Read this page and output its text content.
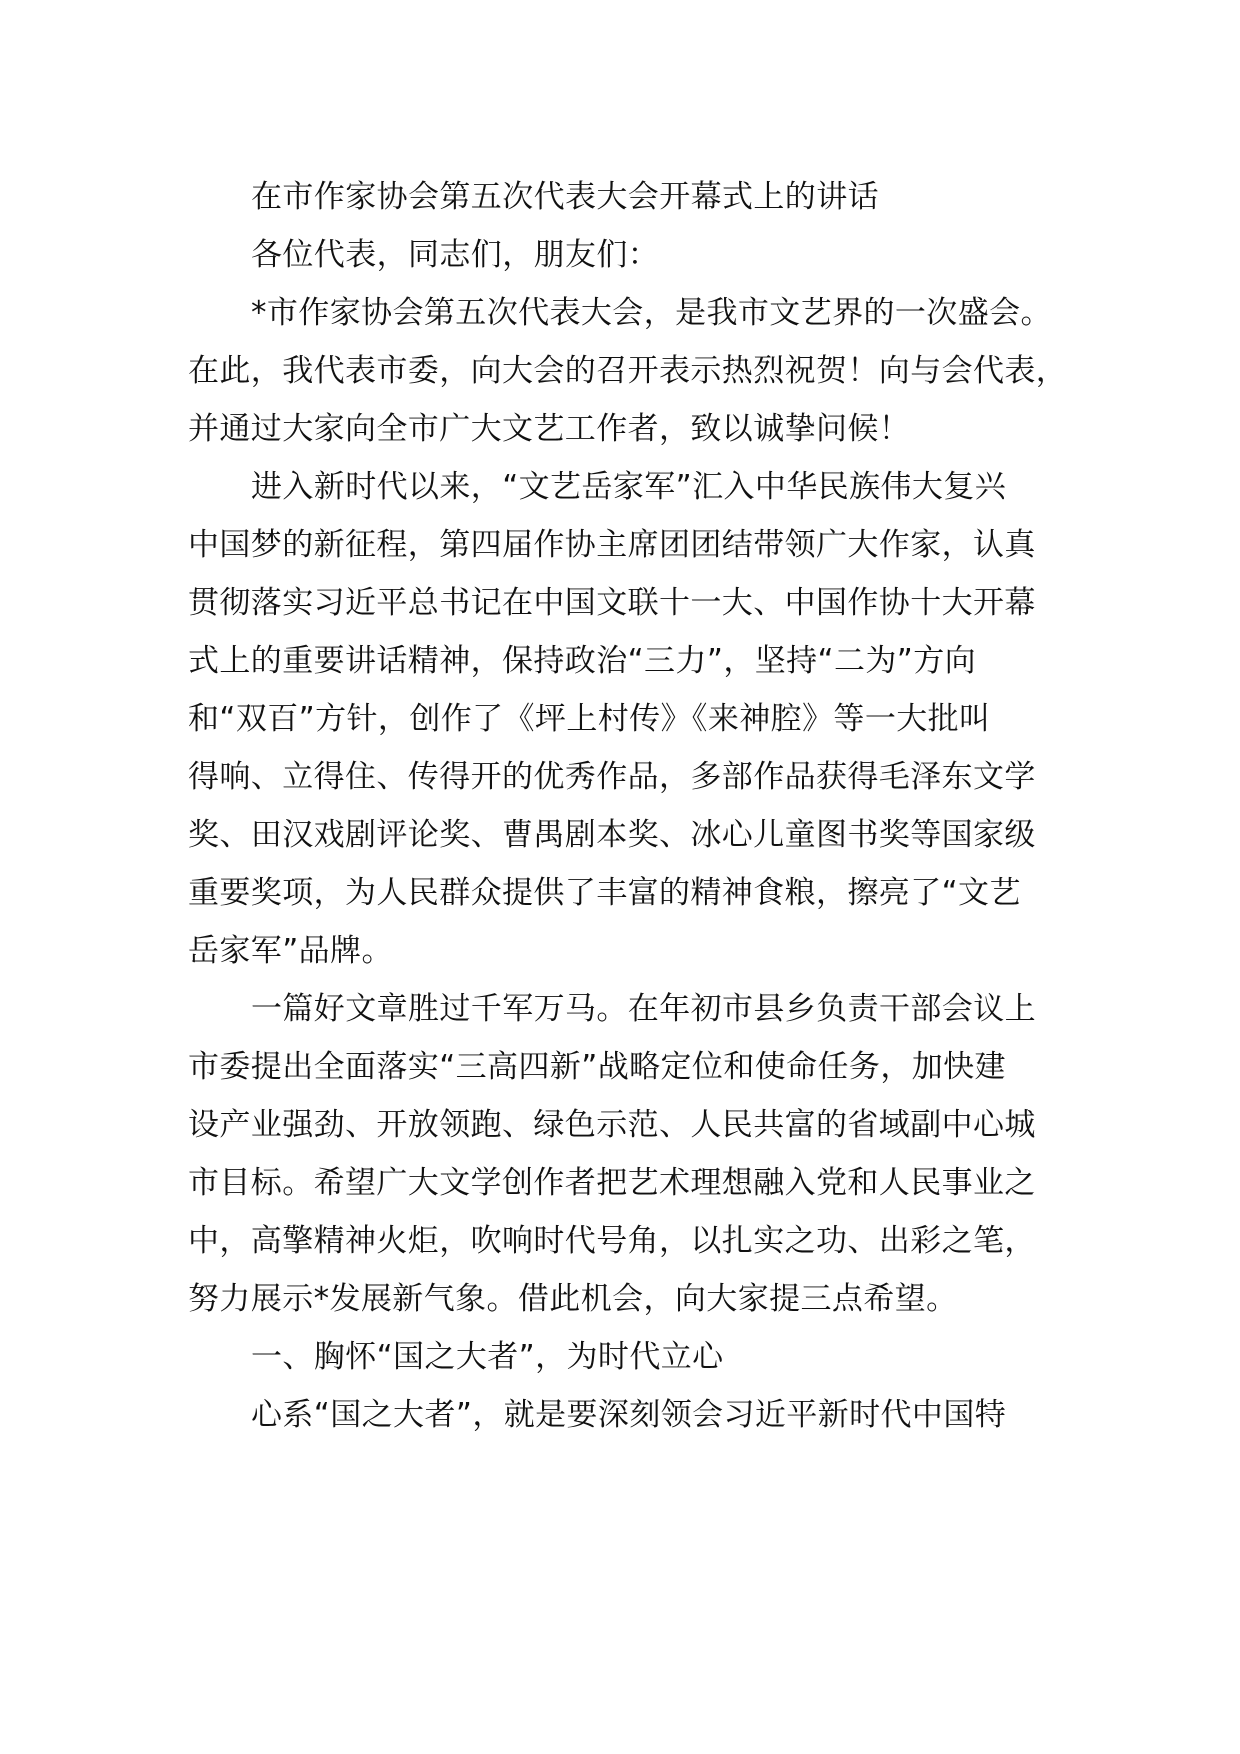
在市作家协会第五次代表大会开幕式上的讲话
各位代表，同志们，朋友们：
*市作家协会第五次代表大会，是我市文艺界的一次盛会。
在此，我代表市委，向大会的召开表示热烈祝贺！向与会代表，
并通过大家向全市广大文艺工作者，致以诚挚问候！
进入新时代以来，“文艺岳家军”汇入中华民族伟大复兴
中国梦的新征程，第四届作协主席团团结带领广大作家，认真
贯彻落实习近平总书记在中国文联十一大、中国作协十大开幕
式上的重要讲话精神，保持政治“三力”，坚持“二为”方向
和“双百”方针，创作了《坪上村传》《来神腔》等一大批叫
得响、立得住、传得开的优秀作品，多部作品获得毛泽东文学
奖、田汉戏剧评论奖、曹禺剧本奖、冰心儿童图书奖等国家级
重要奖项，为人民群众提供了丰富的精神食粮，擦亮了“文艺
岳家军”品牌。
一篇好文章胜过千军万马。在年初市县乡负责干部会议上
市委提出全面落实“三高四新”战略定位和使命任务，加快建
设产业强劲、开放领跑、绿色示范、人民共富的省域副中心城
市目标。希望广大文学创作者把艺术理想融入党和人民事业之
中，高擎精神火炬，吹响时代号角，以扎实之功、出彩之笔，
努力展示*发展新气象。借此机会，向大家提三点希望。
一、胸怀“国之大者”，为时代立心
心系“国之大者”，就是要深刻领会习近平新时代中国特
